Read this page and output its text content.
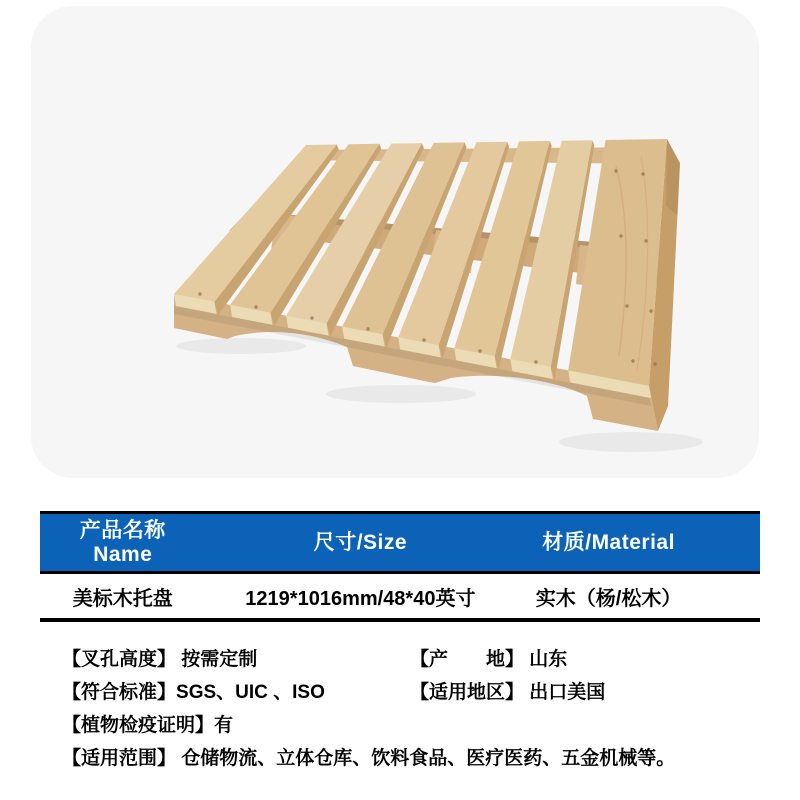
产品名称
Name
尺寸/Size	材质/Material
美标木托盘	1219*1016mm/48*40英寸	实木（杨/松木）
【叉孔高度】 按需定制	【产　　地】 山东
【符合标准】SGS、UIC 、ISO	【适用地区】 出口美国
【植物检疫证明】有
【适用范围】 仓储物流、立体仓库、饮料食品、医疗医药、五金机械等。
